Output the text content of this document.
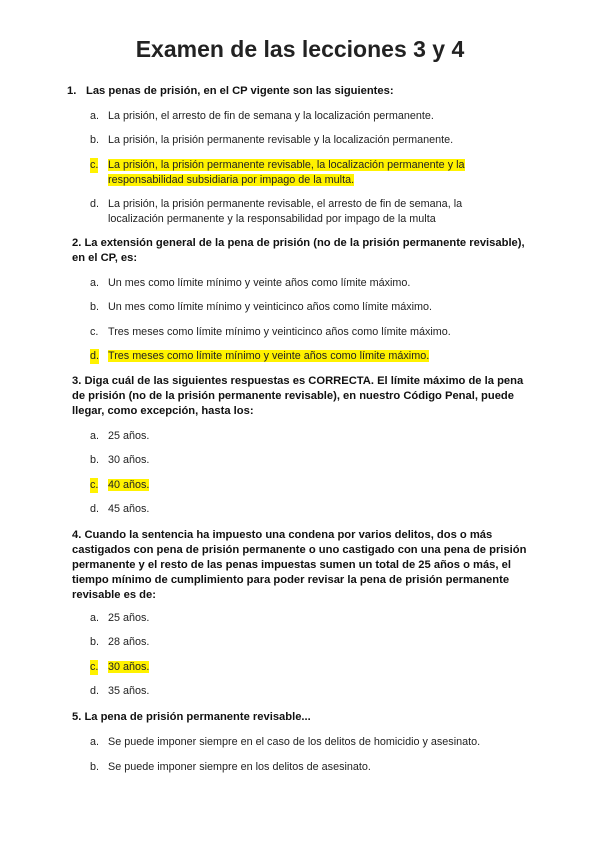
Examen de las lecciones 3 y 4
1. Las penas de prisión, en el CP vigente son las siguientes:
a. La prisión, el arresto de fin de semana y la localización permanente.
b. La prisión, la prisión permanente revisable y la localización permanente.
c. La prisión, la prisión permanente revisable, la localización permanente y la
responsabilidad subsidiaria por impago de la multa.
d. La prisión, la prisión permanente revisable, el arresto de fin de semana, la
localización permanente y la responsabilidad por impago de la multa
2. La extensión general de la pena de prisión (no de la prisión permanente revisable), en el CP, es:
a. Un mes como límite mínimo y veinte años como límite máximo.
b. Un mes como límite mínimo y veinticinco años como límite máximo.
c. Tres meses como límite mínimo y veinticinco años como límite máximo.
d. Tres meses como límite mínimo y veinte años como límite máximo.
3. Diga cuál de las siguientes respuestas es CORRECTA. El límite máximo de la pena de prisión (no de la prisión permanente revisable), en nuestro Código Penal, puede llegar, como excepción, hasta los:
a. 25 años.
b. 30 años.
c. 40 años.
d. 45 años.
4. Cuando la sentencia ha impuesto una condena por varios delitos, dos o más castigados con pena de prisión permanente o uno castigado con una pena de prisión permanente y el resto de las penas impuestas sumen un total de 25 años o más, el tiempo mínimo de cumplimiento para poder revisar la pena de prisión permanente revisable es de:
a. 25 años.
b. 28 años.
c. 30 años.
d. 35 años.
5. La pena de prisión permanente revisable...
a. Se puede imponer siempre en el caso de los delitos de homicidio y asesinato.
b. Se puede imponer siempre en los delitos de asesinato.
